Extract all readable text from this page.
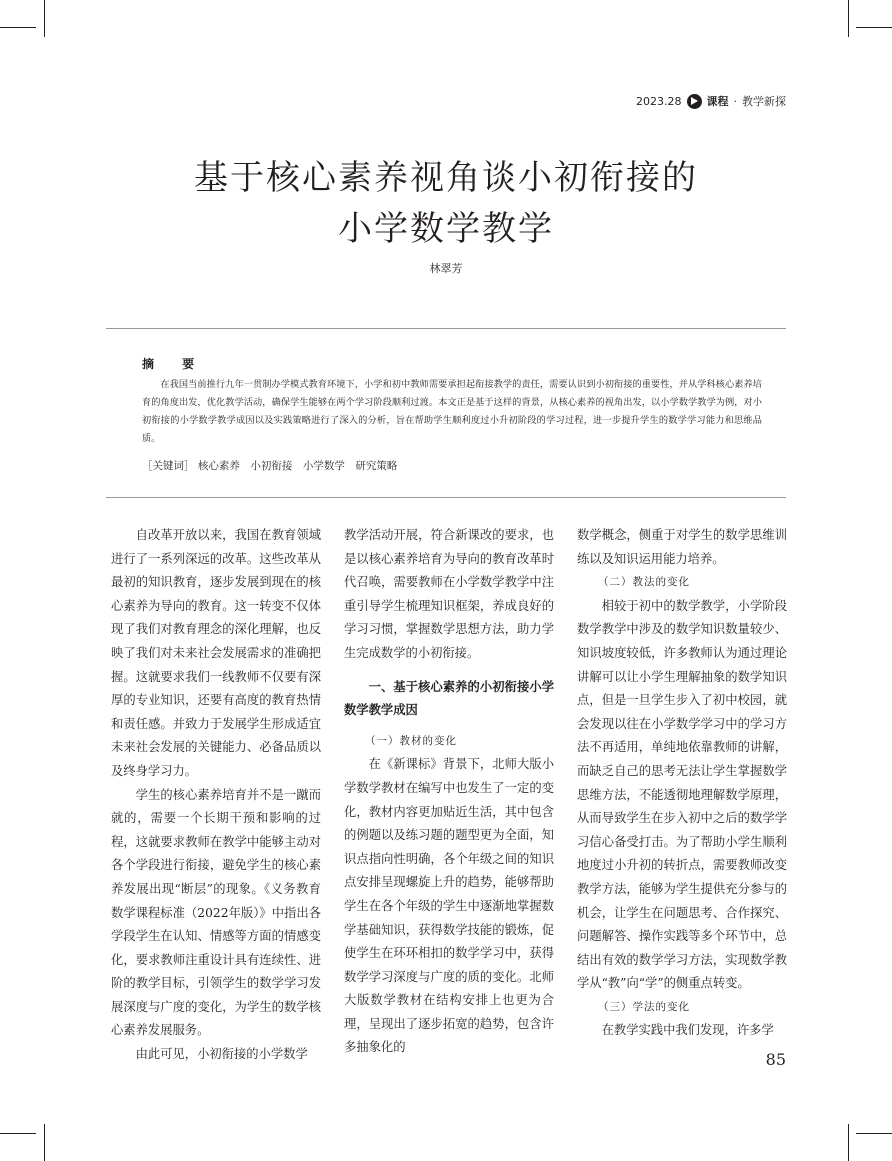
2023.28 课程 · 教学新探
基于核心素养视角谈小初衔接的
小学数学教学
林翠芳
摘 要
在我国当前推行九年一贯制办学模式教育环境下，小学和初中教师需要承担起衔接教学的责任，需要认识到小初衔接的重要性，并从学科核心素养培育的角度出发，优化教学活动，确保学生能够在两个学习阶段顺利过渡。本文正是基于这样的背景，从核心素养的视角出发，以小学数学教学为例，对小初衔接的小学数学教学成因以及实践策略进行了深入的分析，旨在帮助学生顺利度过小升初阶段的学习过程，进一步提升学生的数学学习能力和思维品质。
［关键词］ 核心素养　小初衔接　小学数学　研究策略

自改革开放以来，我国在教育领域进行了一系列深远的改革。这些改革从最初的知识教育，逐步发展到现在的核心素养为导向的教育。这一转变不仅体现了我们对教育理念的深化理解，也反映了我们对未来社会发展需求的准确把握。这就要求我们一线教师不仅要有深厚的专业知识，还要有高度的教育热情和责任感。并致力于发展学生形成适宜未来社会发展的关键能力、必备品质以及终身学习力。

学生的核心素养培育并不是一蹴而就的，需要一个长期干预和影响的过程，这就要求教师在教学中能够主动对各个学段进行衔接，避免学生的核心素养发展出现“断层”的现象。《义务教育数学课程标准（2022年版）》中指出各学段学生在认知、情感等方面的情感变化，要求教师注重设计具有连续性、进阶的教学目标，引领学生的数学学习发展深度与广度的变化，为学生的数学核心素养发展服务。

由此可见，小初衔接的小学数学

教学活动开展，符合新课改的要求，也是以核心素养培育为导向的教育改革时代召唤，需要教师在小学数学教学中注重引导学生梳理知识框架，养成良好的学习习惯，掌握数学思想方法，助力学生完成数学的小初衔接。

一、基于核心素养的小初衔接小学数学教学成因
（一）教材的变化

在《新课标》背景下，北师大版小学数学教材在编写中也发生了一定的变化，教材内容更加贴近生活，其中包含的例题以及练习题的题型更为全面，知识点指向性明确，各个年级之间的知识点安排呈现螺旋上升的趋势，能够帮助学生在各个年级的学生中逐渐地掌握数学基础知识，获得数学技能的锻炼，促使学生在环环相扣的数学学习中，获得数学学习深度与广度的质的变化。北师大版数学教材在结构安排上也更为合理，呈现出了逐步拓宽的趋势，包含许多抽象化的

数学概念，侧重于对学生的数学思维训练以及知识运用能力培养。

（二）教法的变化

相较于初中的数学教学，小学阶段数学教学中涉及的数学知识数量较少、知识坡度较低，许多教师认为通过理论讲解可以让小学生理解抽象的数学知识点，但是一旦学生步入了初中校园，就会发现以往在小学数学学习中的学习方法不再适用，单纯地依靠教师的讲解，而缺乏自己的思考无法让学生掌握数学思维方法，不能透彻地理解数学原理，从而导致学生在步入初中之后的数学学习信心备受打击。为了帮助小学生顺利地度过小升初的转折点，需要教师改变教学方法，能够为学生提供充分参与的机会，让学生在问题思考、合作探究、问题解答、操作实践等多个环节中，总结出有效的数学学习方法，实现数学教学从“教”向“学”的侧重点转变。

（三）学法的变化

在教学实践中我们发现，许多学

85
